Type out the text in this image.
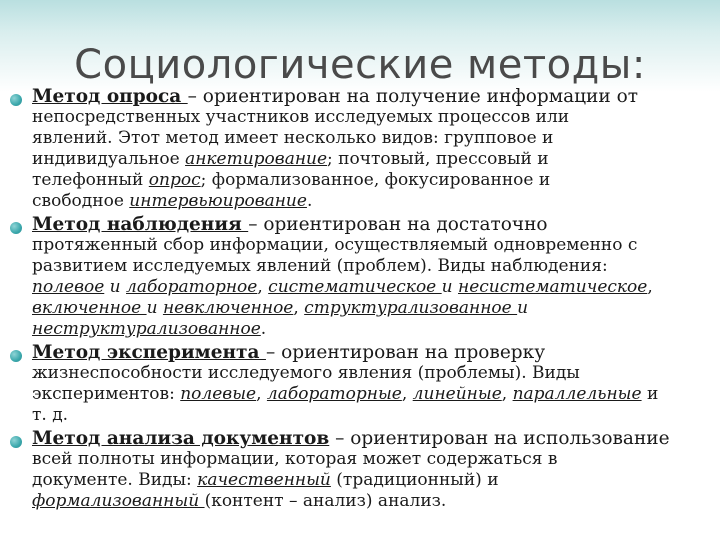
Социологические методы:
Метод опроса – ориентирован на получение информации от
непосредственных участников исследуемых процессов или
явлений. Этот метод имеет несколько видов: групповое и
индивидуальное анкетирование; почтовый, прессовый и
телефонный опрос; формализованное, фокусированное и
свободное интервьюирование.
Метод наблюдения – ориентирован на достаточно
протяженный сбор информации, осуществляемый одновременно с
развитием исследуемых явлений (проблем). Виды наблюдения:
полевое и лабораторное, систематическое и несистематическое,
включенное и невключенное, структурализованное и
неструктурализованное.
Метод эксперимента – ориентирован на проверку
жизнеспособности исследуемого явления (проблемы). Виды
экспериментов: полевые, лабораторные, линейные, параллельные и
т. д.
Метод анализа документов – ориентирован на использование
всей полноты информации, которая может содержаться в
документе. Виды: качественный (традиционный) и
формализованный (контент – анализ) анализ.
